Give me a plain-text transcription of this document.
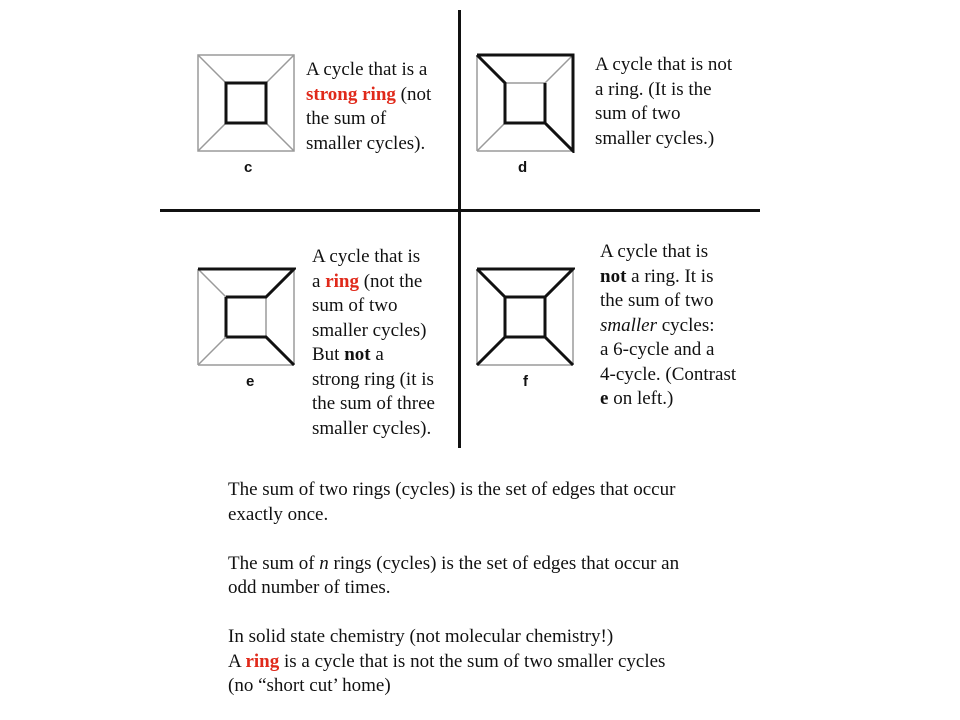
c
A cycle that is a
strong ring (not
the sum of
smaller cycles).
d
A cycle that is not
a ring. (It is the
sum of two
smaller cycles.)
e
A cycle that is
a ring (not the
sum of two
smaller cycles)
But not a
strong ring (it is
the sum of three
smaller cycles).
f
A cycle that is
not a ring. It is
the sum of two
smaller cycles:
a 6-cycle and a
4-cycle. (Contrast
e on left.)
The sum of two rings (cycles) is the set of edges that occur
exactly once.
The sum of n rings (cycles) is the set of edges that occur an
odd number of times.
In solid state chemistry (not molecular chemistry!)
A ring is a cycle that is not the sum of two smaller cycles
(no “short cut’ home)
